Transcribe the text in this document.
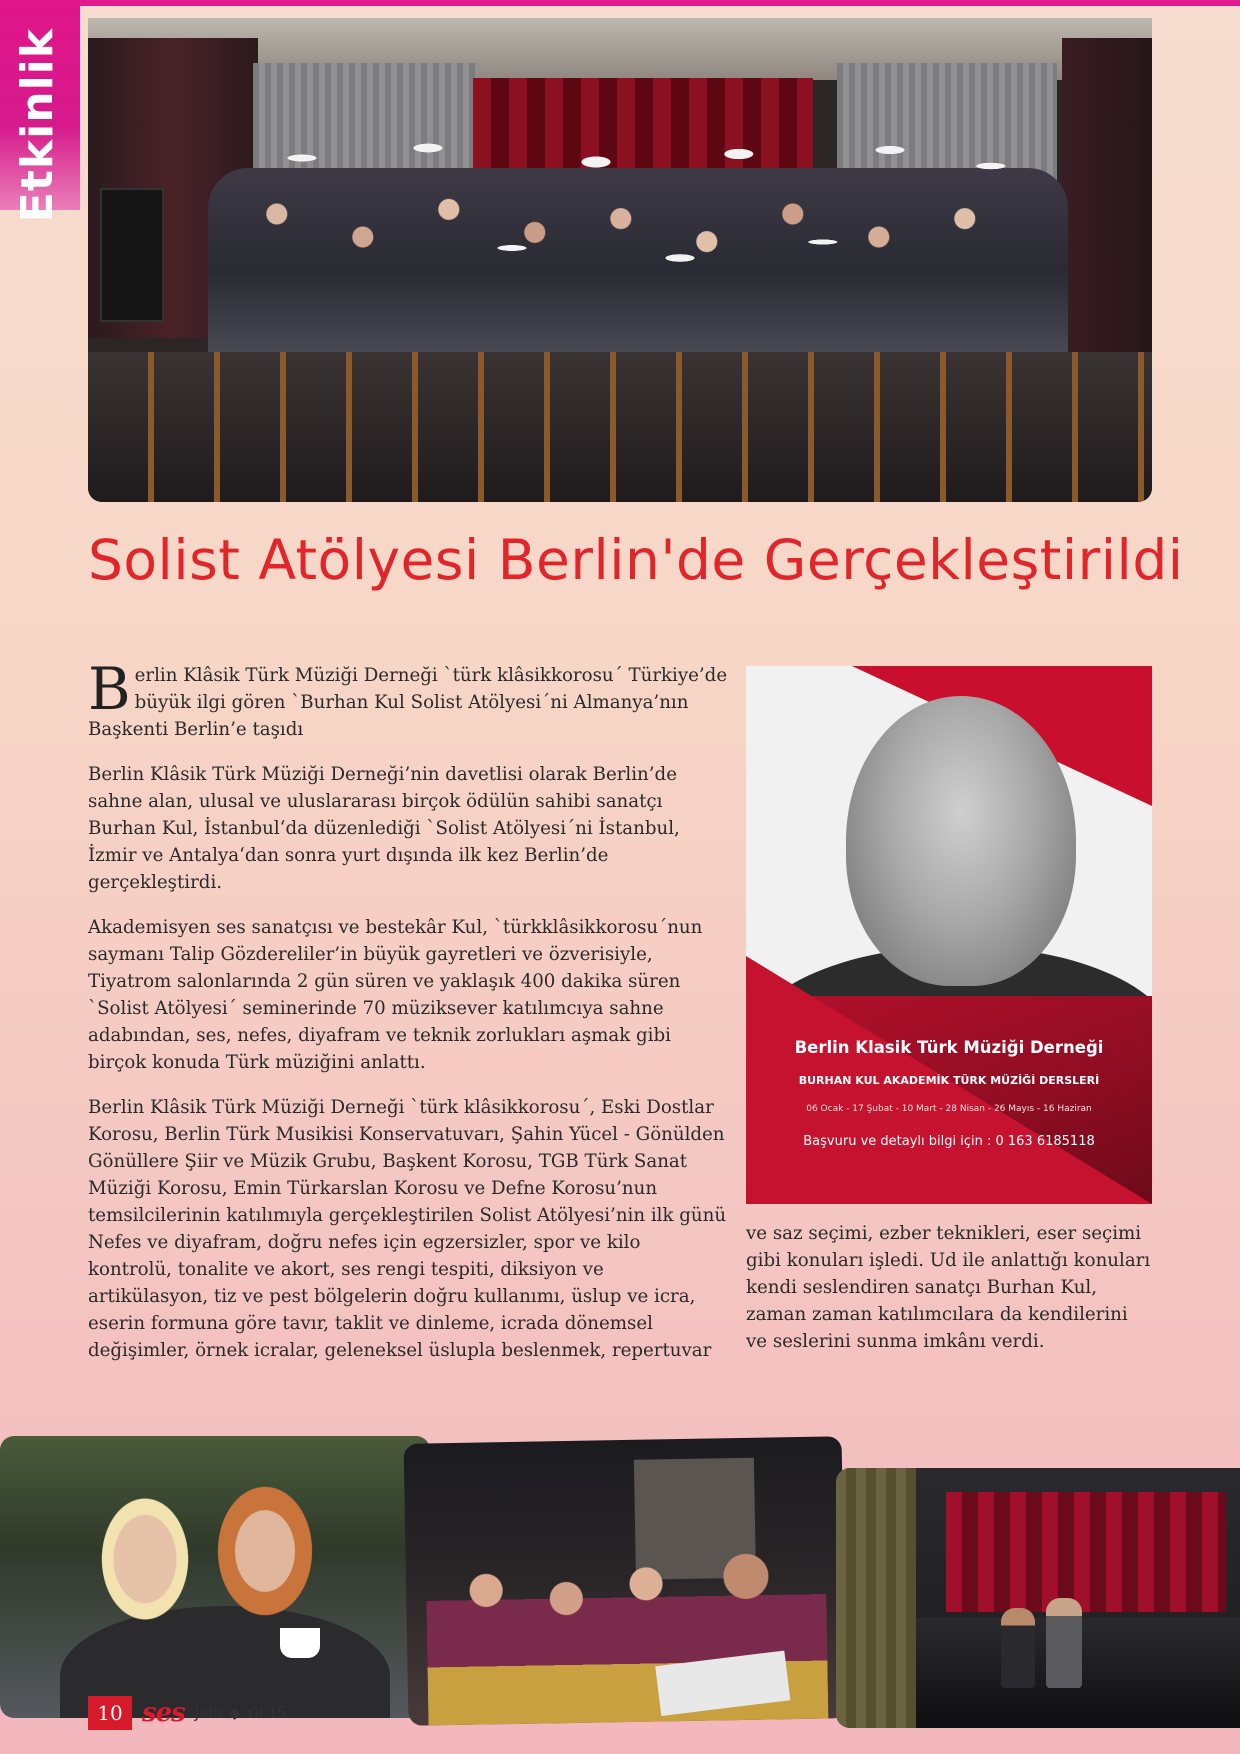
Etkinlik
Solist Atölyesi Berlin'de Gerçekleştirildi

Berlin Klâsik Türk Müziği Derneği `türk klâsikkorosu´ Türkiye’de büyük ilgi gören `Burhan Kul Solist Atölyesi´ni Almanya’nın Başkenti Berlin’e taşıdı

Berlin Klâsik Türk Müziği Derneği’nin davetlisi olarak Berlin’de sahne alan, ulusal ve uluslararası birçok ödülün sahibi sanatçı Burhan Kul, İstanbul‘da düzenlediği `Solist Atölyesi´ni İstanbul, İzmir ve Antalya‘dan sonra yurt dışında ilk kez Berlin’de gerçekleştirdi.

Akademisyen ses sanatçısı ve bestekâr Kul, `türkklâsikkorosu´nun saymanı Talip Gözdereliler’in büyük gayretleri ve özverisiyle, Tiyatrom salonlarında 2 gün süren ve yaklaşık 400 dakika süren `Solist Atölyesi´ seminerinde 70 müziksever katılımcıya sahne adabından, ses, nefes, diyafram ve teknik zorlukları aşmak gibi birçok konuda Türk müziğini anlattı.

Berlin Klâsik Türk Müziği Derneği `türk klâsikkorosu´, Eski Dostlar Korosu, Berlin Türk Musikisi Konservatuvarı, Şahin Yücel - Gönülden Gönüllere Şiir ve Müzik Grubu, Başkent Korosu, TGB Türk Sanat Müziği Korosu, Emin Türkarslan Korosu ve Defne Korosu’nun temsilcilerinin katılımıyla gerçekleştirilen Solist Atölyesi’nin ilk günü Nefes ve diyafram, doğru nefes için egzersizler, spor ve kilo kontrolü, tonalite ve akort, ses rengi tespiti, diksiyon ve artikülasyon, tiz ve pest bölgelerin doğru kullanımı, üslup ve icra, eserin formuna göre tavır, taklit ve dinleme, icrada dönemsel değişimler, örnek icralar, geleneksel üslupla beslenmek, repertuvar

Berlin Klasik Türk Müziği Derneği
BURHAN KUL AKADEMİK TÜRK MÜZİĞİ DERSLERİ
06 Ocak - 17 Şubat - 10 Mart - 28 Nisan - 26 Mayıs - 16 Haziran
Başvuru ve detaylı bilgi için : 0 163 6185118

ve saz seçimi, ezber teknikleri, eser seçimi gibi konuları işledi. Ud ile anlattığı konuları kendi seslendiren sanatçı Burhan Kul, zaman zaman katılımcılara da kendilerini ve seslerini sunma imkânı verdi.

10 ses Jahr ◆ Yıl 15
